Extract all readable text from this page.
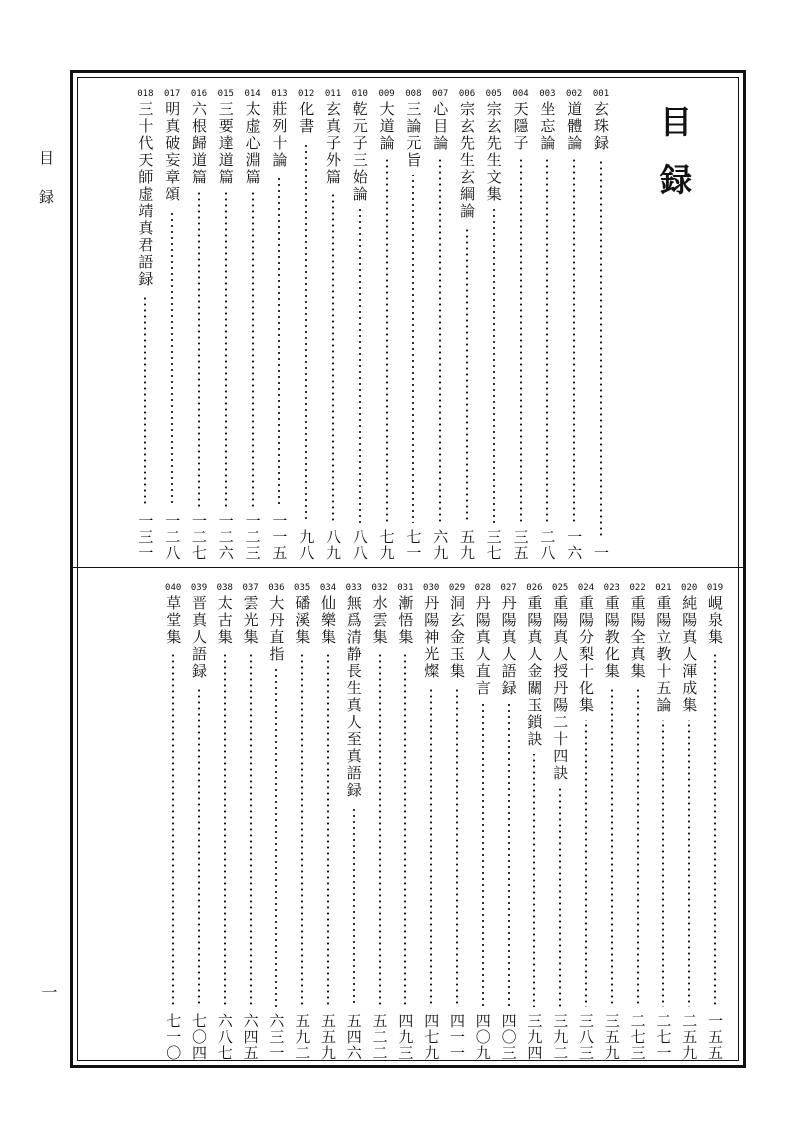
目録
一
目録
001
玄珠録
一
002
道體論
一六
003
坐忘論
二八
004
天隱子
三五
005
宗玄先生文集
三七
006
宗玄先生玄綱論
五九
007
心目論
六九
008
三論元旨
七一
009
大道論
七九
010
乾元子三始論
八八
011
玄真子外篇
八九
012
化書
九八
013
莊列十論
一一五
014
太虚心淵篇
一二三
015
三要達道篇
一二六
016
六根歸道篇
一二七
017
明真破妄章頌
一二八
018
三十代天師虚靖真君語録
一三一
019
峴泉集
一五五
020
純陽真人渾成集
二五九
021
重陽立教十五論
二七一
022
重陽全真集
二七三
023
重陽教化集
三五九
024
重陽分梨十化集
三八三
025
重陽真人授丹陽二十四訣
三九二
026
重陽真人金關玉鎖訣
三九四
027
丹陽真人語録
四〇三
028
丹陽真人直言
四〇九
029
洞玄金玉集
四一一
030
丹陽神光燦
四七九
031
漸悟集
四九三
032
水雲集
五二二
033
無爲清静長生真人至真語録
五四六
034
仙樂集
五五九
035
磻溪集
五九二
036
大丹直指
六三一
037
雲光集
六四五
038
太古集
六八七
039
晋真人語録
七〇四
040
草堂集
七一〇
